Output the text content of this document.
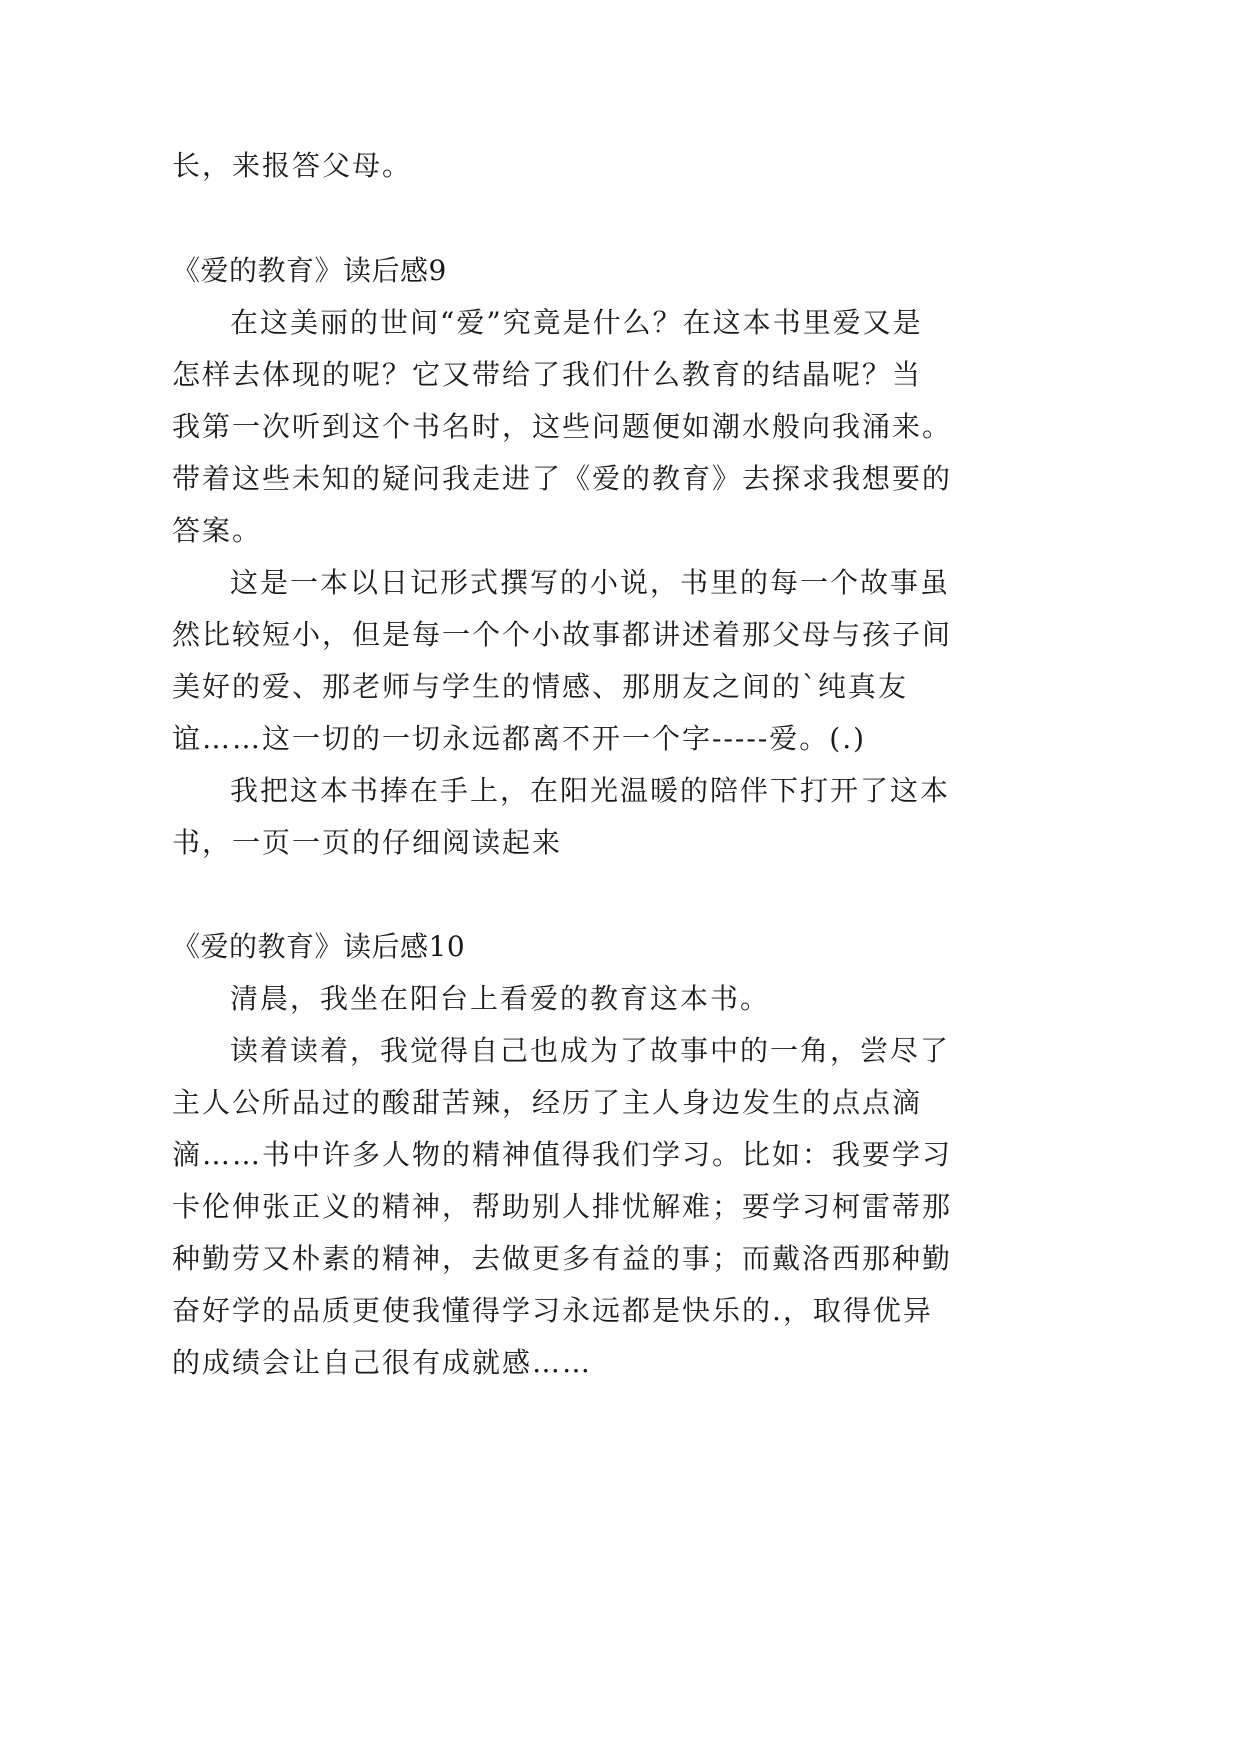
长，来报答父母。
《爱的教育》读后感9
在这美丽的世间“爱”究竟是什么？在这本书里爱又是
怎样去体现的呢？它又带给了我们什么教育的结晶呢？当
我第一次听到这个书名时，这些问题便如潮水般向我涌来。
带着这些未知的疑问我走进了《爱的教育》去探求我想要的
答案。
这是一本以日记形式撰写的小说，书里的每一个故事虽
然比较短小，但是每一个个小故事都讲述着那父母与孩子间
美好的爱、那老师与学生的情感、那朋友之间的`纯真友
谊……这一切的一切永远都离不开一个字-----爱。(.)
我把这本书捧在手上，在阳光温暖的陪伴下打开了这本
书，一页一页的仔细阅读起来
《爱的教育》读后感10
清晨，我坐在阳台上看爱的教育这本书。
读着读着，我觉得自己也成为了故事中的一角，尝尽了
主人公所品过的酸甜苦辣，经历了主人身边发生的点点滴
滴……书中许多人物的精神值得我们学习。比如：我要学习
卡伦伸张正义的精神，帮助别人排忧解难；要学习柯雷蒂那
种勤劳又朴素的精神，去做更多有益的事；而戴洛西那种勤
奋好学的品质更使我懂得学习永远都是快乐的.，取得优异
的成绩会让自己很有成就感……
